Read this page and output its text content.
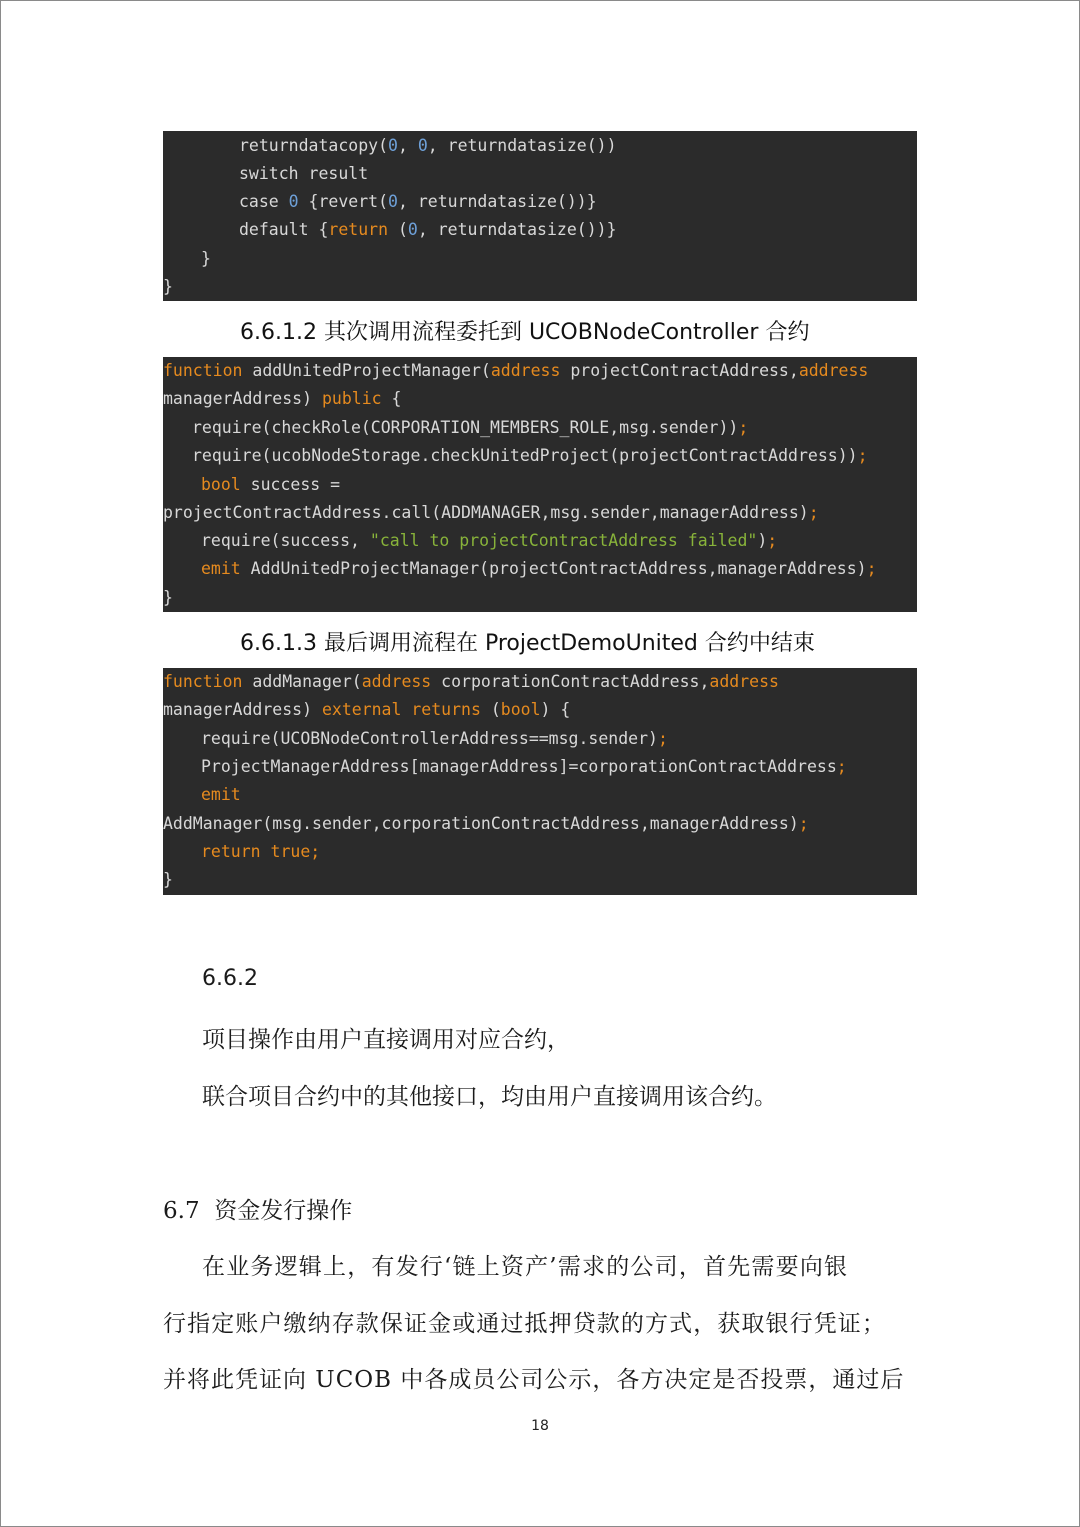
returndatacopy(0, 0, returndatasize())
switch result
case 0 {revert(0, returndatasize())}
default {return (0, returndatasize())}
}
}
6.6.1.2 其次调用流程委托到 UCOBNodeController 合约
function addUnitedProjectManager(address projectContractAddress,address
managerAddress) public {
require(checkRole(CORPORATION_MEMBERS_ROLE,msg.sender));
require(ucobNodeStorage.checkUnitedProject(projectContractAddress));
bool success =
projectContractAddress.call(ADDMANAGER,msg.sender,managerAddress);
require(success, "call to projectContractAddress failed");
emit AddUnitedProjectManager(projectContractAddress,managerAddress);
}
6.6.1.3 最后调用流程在 ProjectDemoUnited 合约中结束
function addManager(address corporationContractAddress,address
managerAddress) external returns (bool) {
require(UCOBNodeControllerAddress==msg.sender);
ProjectManagerAddress[managerAddress]=corporationContractAddress;
emit
AddManager(msg.sender,corporationContractAddress,managerAddress);
return true;
}
6.6.2
项目操作由用户直接调用对应合约，
联合项目合约中的其他接口，均由用户直接调用该合约。
6.7  资金发行操作
在业务逻辑上，有发行‘链上资产’需求的公司，首先需要向银
行指定账户缴纳存款保证金或通过抵押贷款的方式，获取银行凭证；
并将此凭证向 UCOB 中各成员公司公示，各方决定是否投票，通过后
18
